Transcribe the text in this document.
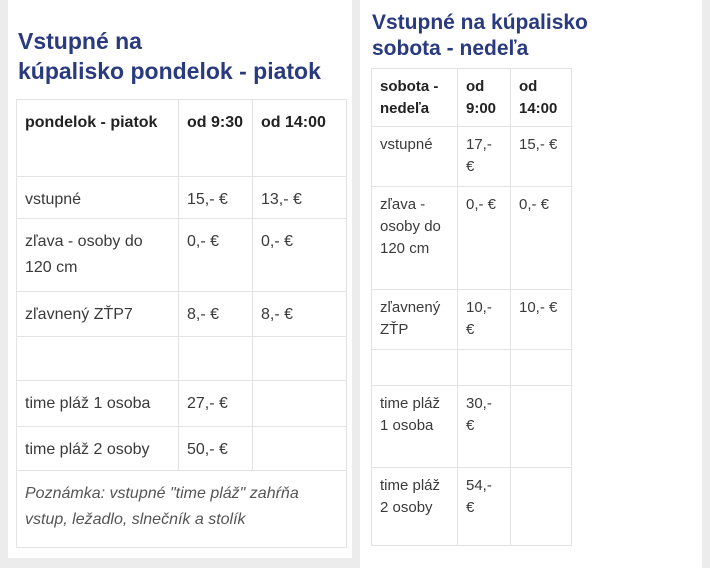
Vstupné na
kúpalisko pondelok - piatok
pondelok - piatok	od 9:30	od 14:00
vstupné	15,- €	13,- €
zľava - osoby do 120 cm	0,- €	0,- €
zľavnený ZŤP7	8,- €	8,- €

time pláž 1 osoba	27,- €	
time pláž 2 osoby	50,- €	
Poznámka: vstupné "time pláž" zahŕňa vstup, ležadlo, slnečník a stolík		
Vstupné na kúpalisko
sobota - nedeľa
sobota - nedeľa	od 9:00	od 14:00
vstupné	17,- €	15,- €
zľava - osoby do 120 cm	0,- €	0,- €
zľavnený ZŤP	10,- €	10,- €

time pláž 1 osoba	30,- €	
time pláž 2 osoby	54,- €	
